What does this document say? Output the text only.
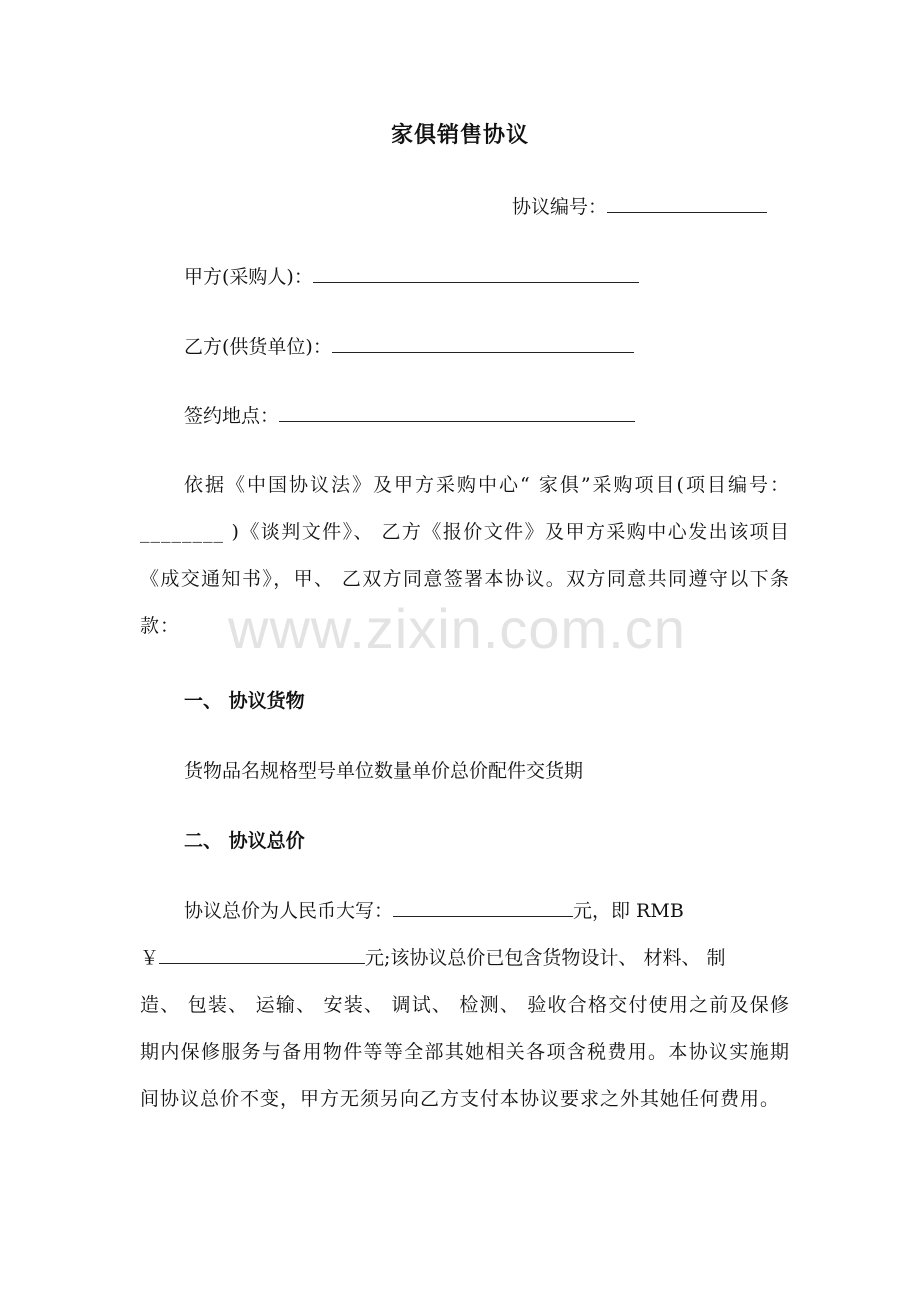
家俱销售协议
协议编号：
甲方(采购人)：
乙方(供货单位)：
签约地点：
依据《中国协议法》及甲方采购中心“ 家俱”采购项目(项目编号： ________ )《谈判文件》、 乙方《报价文件》及甲方采购中心发出该项目《成交通知书》，甲、 乙双方同意签署本协议。双方同意共同遵守以下条款： www.zixin.com.cn
一、 协议货物
货物品名规格型号单位数量单价总价配件交货期
二、 协议总价
协议总价为人民币大写：	元，即 RMB
￥	元;该协议总价已包含货物设计、 材料、 制
造、 包装、 运输、 安装、 调试、 检测、 验收合格交付使用之前及保修期内保修服务与备用物件等等全部其她相关各项含税费用。本协议实施期间协议总价不变，甲方无须另向乙方支付本协议要求之外其她任何费用。
